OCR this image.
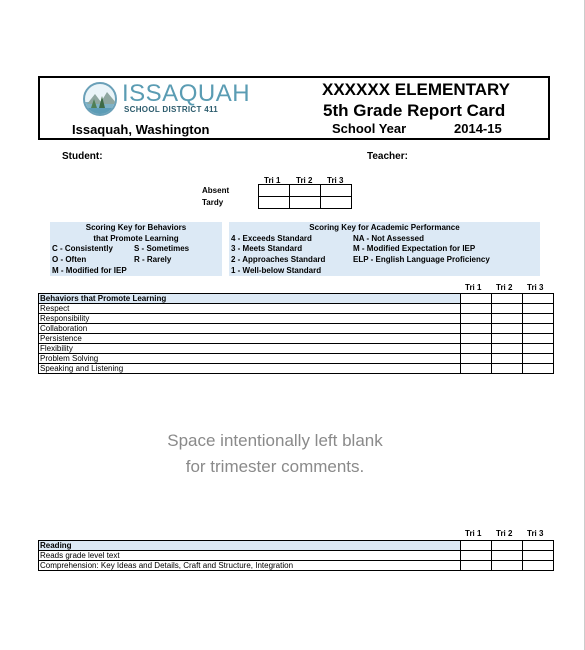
ISSAQUAH
SCHOOL DISTRICT 411
Issaquah, Washington
XXXXXX ELEMENTARY
5th Grade Report Card
School Year	2014-15
Student:	Teacher:
Tri 1 Tri 2 Tri 3
Absent
Tardy

Scoring Key for Behaviors
that Promote Learning
C - Consistently	S - Sometimes
O - Often	R - Rarely
M - Modified for IEP
Scoring Key for Academic Performance
4 - Exceeds Standard	NA - Not Assessed
3 - Meets Standard	M - Modified Expectation for IEP
2 - Approaches Standard	ELP - English Language Proficiency
1 - Well-below Standard
Tri 1 Tri 2 Tri 3
Behaviors that Promote Learning			
Respect			
Responsibility			
Collaboration			
Persistence			
Flexibility			
Problem Solving			
Speaking and Listening			
Space intentionally left blank
for trimester comments.
Tri 1 Tri 2 Tri 3
Reading			
Reads grade level text			
Comprehension: Key Ideas and Details, Craft and Structure, Integration			
